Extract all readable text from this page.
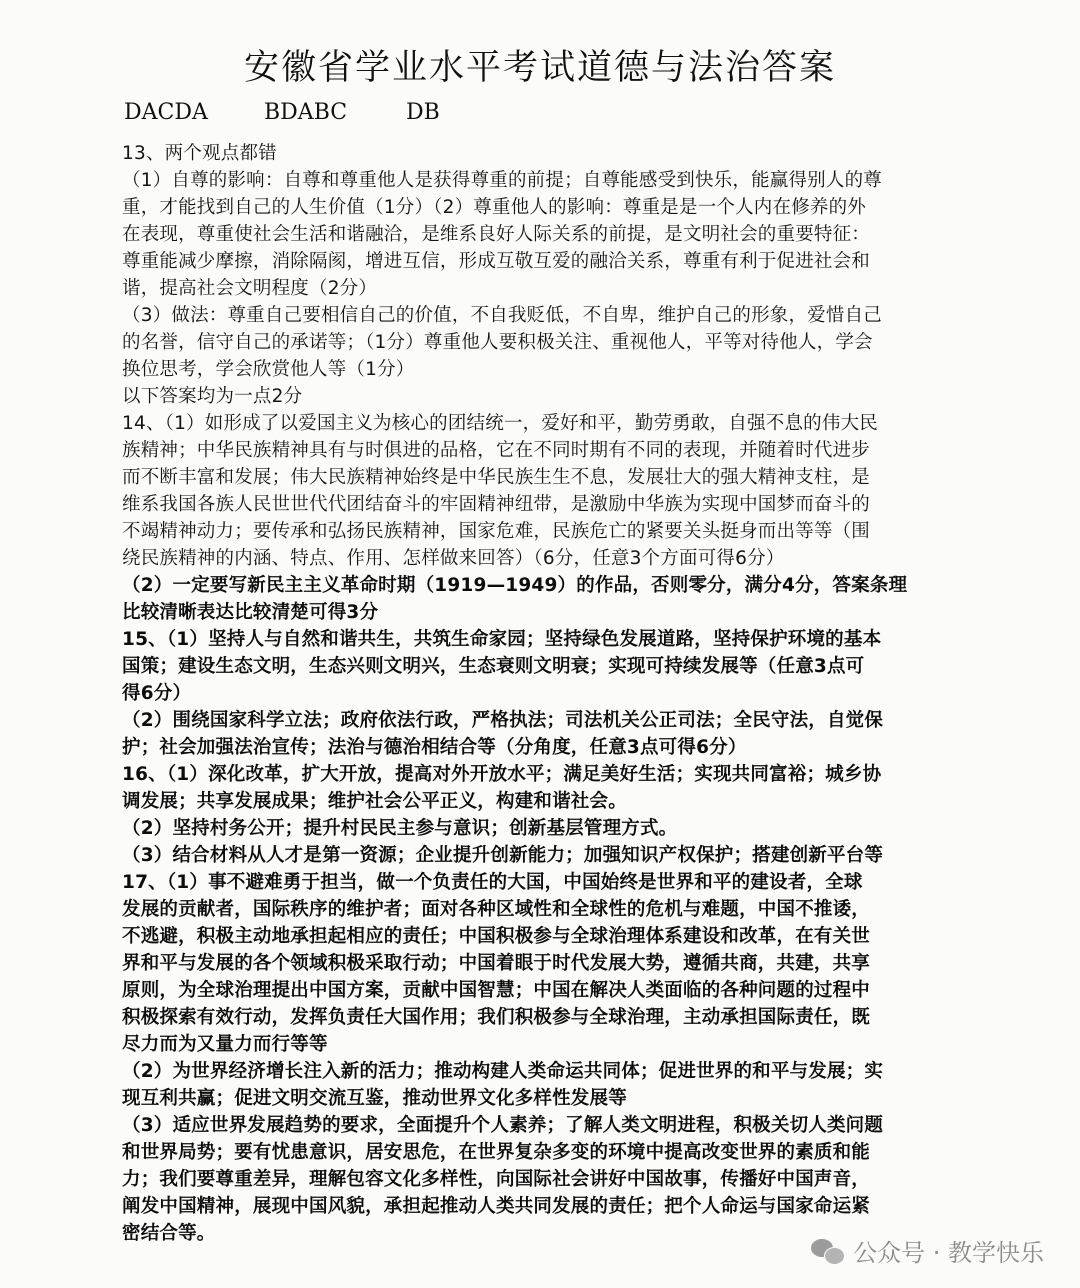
安徽省学业水平考试道德与法治答案
DACDA	BDABC	DB
13、两个观点都错
（1）自尊的影响：自尊和尊重他人是获得尊重的前提；自尊能感受到快乐，能赢得别人的尊
重，才能找到自己的人生价值（1分）（2）尊重他人的影响：尊重是是一个人内在修养的外
在表现，尊重使社会生活和谐融洽，是维系良好人际关系的前提，是文明社会的重要特征：
尊重能减少摩擦，消除隔阂，增进互信，形成互敬互爱的融洽关系，尊重有利于促进社会和
谐，提高社会文明程度（2分）
（3）做法：尊重自己要相信自己的价值，不自我贬低，不自卑，维护自己的形象，爱惜自己
的名誉，信守自己的承诺等；（1分）尊重他人要积极关注、重视他人，平等对待他人，学会
换位思考，学会欣赏他人等（1分）
以下答案均为一点2分
14、（1）如形成了以爱国主义为核心的团结统一，爱好和平，勤劳勇敢，自强不息的伟大民
族精神；中华民族精神具有与时俱进的品格，它在不同时期有不同的表现，并随着时代进步
而不断丰富和发展；伟大民族精神始终是中华民族生生不息，发展壮大的强大精神支柱，是
维系我国各族人民世世代代团结奋斗的牢固精神纽带，是激励中华族为实现中国梦而奋斗的
不竭精神动力；要传承和弘扬民族精神，国家危难，民族危亡的紧要关头挺身而出等等（围
绕民族精神的内涵、特点、作用、怎样做来回答）（6分，任意3个方面可得6分）
（2）一定要写新民主主义革命时期（1919—1949）的作品，否则零分，满分4分，答案条理
比较清晰表达比较清楚可得3分
15、（1）坚持人与自然和谐共生，共筑生命家园；坚持绿色发展道路，坚持保护环境的基本
国策；建设生态文明，生态兴则文明兴，生态衰则文明衰；实现可持续发展等（任意3点可
得6分）
（2）围绕国家科学立法；政府依法行政，严格执法；司法机关公正司法；全民守法，自觉保
护；社会加强法治宣传；法治与德治相结合等（分角度，任意3点可得6分）
16、（1）深化改革，扩大开放，提高对外开放水平；满足美好生活；实现共同富裕；城乡协
调发展；共享发展成果；维护社会公平正义，构建和谐社会。
（2）坚持村务公开；提升村民民主参与意识；创新基层管理方式。
（3）结合材料从人才是第一资源；企业提升创新能力；加强知识产权保护；搭建创新平台等
17、（1）事不避难勇于担当，做一个负责任的大国，中国始终是世界和平的建设者，全球
发展的贡献者，国际秩序的维护者；面对各种区域性和全球性的危机与难题，中国不推诿，
不逃避，积极主动地承担起相应的责任；中国积极参与全球治理体系建设和改革，在有关世
界和平与发展的各个领域积极采取行动；中国着眼于时代发展大势，遵循共商，共建，共享
原则，为全球治理提出中国方案，贡献中国智慧；中国在解决人类面临的各种问题的过程中
积极探索有效行动，发挥负责任大国作用；我们积极参与全球治理，主动承担国际责任，既
尽力而为又量力而行等等
（2）为世界经济增长注入新的活力；推动构建人类命运共同体；促进世界的和平与发展；实
现互利共赢；促进文明交流互鉴，推动世界文化多样性发展等
（3）适应世界发展趋势的要求，全面提升个人素养；了解人类文明进程，积极关切人类问题
和世界局势；要有忧患意识，居安思危，在世界复杂多变的环境中提高改变世界的素质和能
力；我们要尊重差异，理解包容文化多样性，向国际社会讲好中国故事，传播好中国声音，
阐发中国精神，展现中国风貌，承担起推动人类共同发展的责任；把个人命运与国家命运紧
密结合等。
公众号 · 教学快乐
